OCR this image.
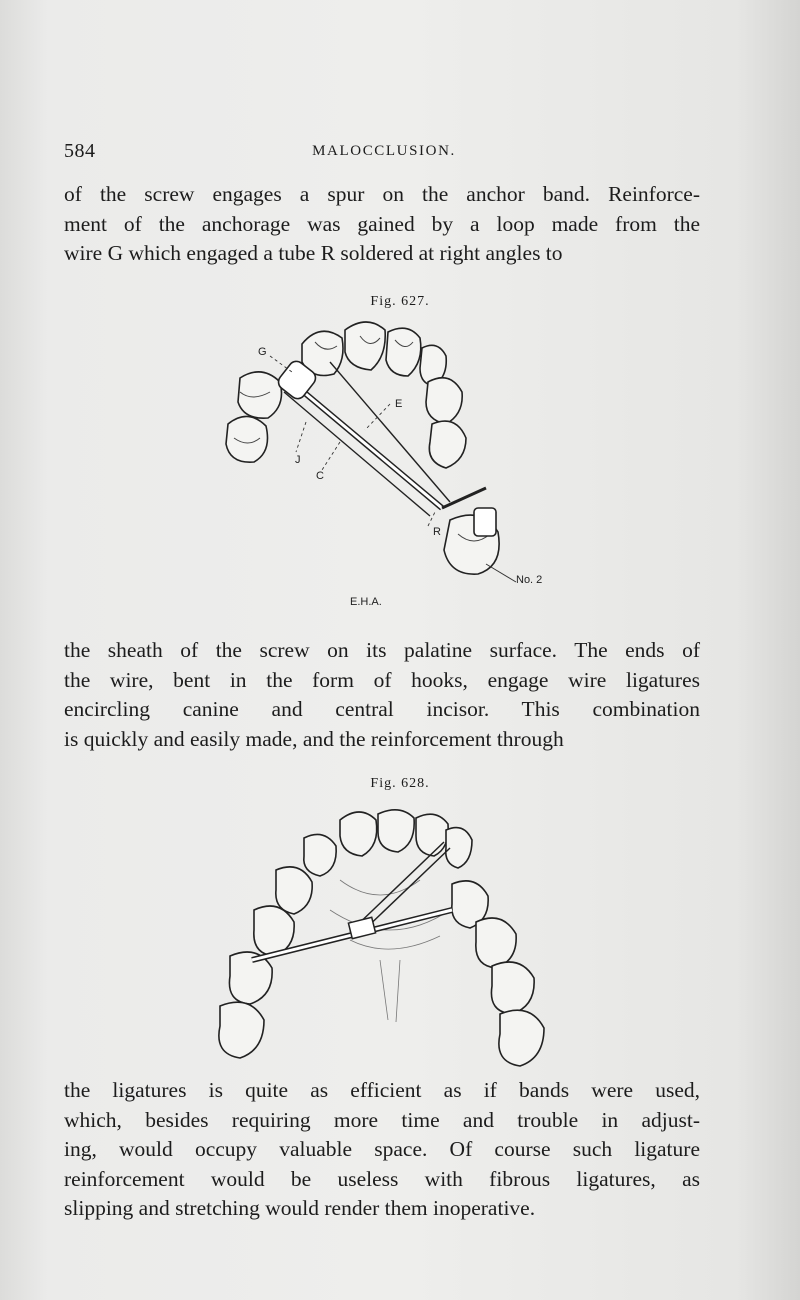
584	MALOCCLUSION.

of the screw engages a spur on the anchor band. Reinforce-
ment of the anchorage was gained by a loop made from the
wire G which engaged a tube R soldered at right angles to

Fig. 627.
G
E
J
C
R
No. 2
E.H.A.

the sheath of the screw on its palatine surface. The ends of
the wire, bent in the form of hooks, engage wire ligatures
encircling canine and central incisor. This combination
is quickly and easily made, and the reinforcement through

Fig. 628.

the ligatures is quite as efficient as if bands were used,
which, besides requiring more time and trouble in adjust-
ing, would occupy valuable space. Of course such ligature
reinforcement would be useless with fibrous ligatures, as
slipping and stretching would render them inoperative.
